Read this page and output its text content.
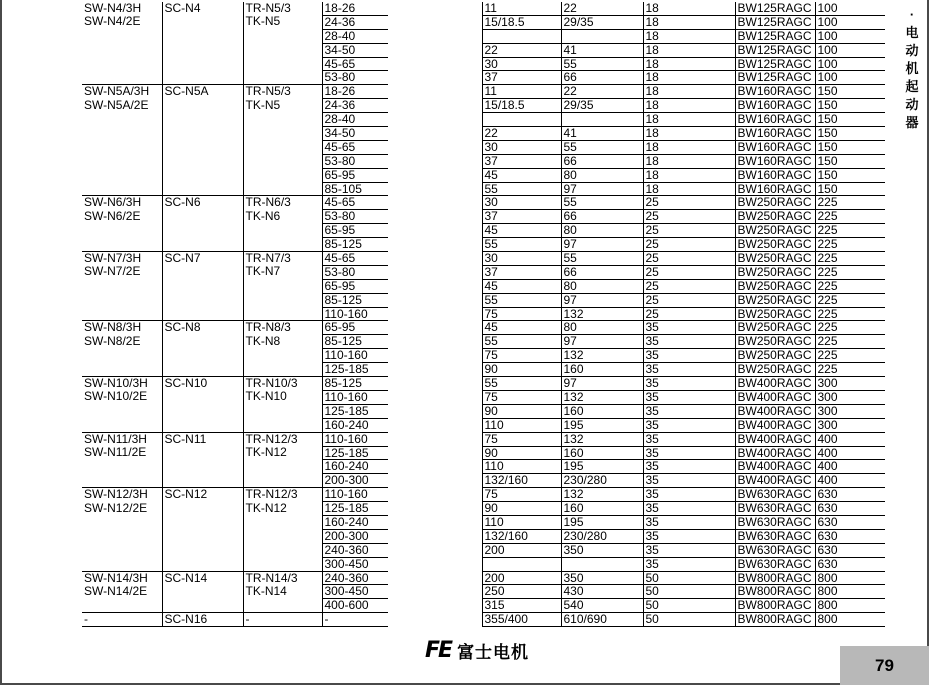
SW-N4/3H	SC-N4	TR-N5/3	18-26		11	22	18	BW125RAGC	100
SW-N4/2E		TK-N5	24-36		15/18.5	29/35	18	BW125RAGC	100
			28-40				18	BW125RAGC	100
			34-50		22	41	18	BW125RAGC	100
			45-65		30	55	18	BW125RAGC	100
			53-80		37	66	18	BW125RAGC	100
SW-N5A/3H	SC-N5A	TR-N5/3	18-26		11	22	18	BW160RAGC	150
SW-N5A/2E		TK-N5	24-36		15/18.5	29/35	18	BW160RAGC	150
			28-40				18	BW160RAGC	150
			34-50		22	41	18	BW160RAGC	150
			45-65		30	55	18	BW160RAGC	150
			53-80		37	66	18	BW160RAGC	150
			65-95		45	80	18	BW160RAGC	150
			85-105		55	97	18	BW160RAGC	150
SW-N6/3H	SC-N6	TR-N6/3	45-65		30	55	25	BW250RAGC	225
SW-N6/2E		TK-N6	53-80		37	66	25	BW250RAGC	225
			65-95		45	80	25	BW250RAGC	225
			85-125		55	97	25	BW250RAGC	225
SW-N7/3H	SC-N7	TR-N7/3	45-65		30	55	25	BW250RAGC	225
SW-N7/2E		TK-N7	53-80		37	66	25	BW250RAGC	225
			65-95		45	80	25	BW250RAGC	225
			85-125		55	97	25	BW250RAGC	225
			110-160		75	132	25	BW250RAGC	225
SW-N8/3H	SC-N8	TR-N8/3	65-95		45	80	35	BW250RAGC	225
SW-N8/2E		TK-N8	85-125		55	97	35	BW250RAGC	225
			110-160		75	132	35	BW250RAGC	225
			125-185		90	160	35	BW250RAGC	225
SW-N10/3H	SC-N10	TR-N10/3	85-125		55	97	35	BW400RAGC	300
SW-N10/2E		TK-N10	110-160		75	132	35	BW400RAGC	300
			125-185		90	160	35	BW400RAGC	300
			160-240		110	195	35	BW400RAGC	300
SW-N11/3H	SC-N11	TR-N12/3	110-160		75	132	35	BW400RAGC	400
SW-N11/2E		TK-N12	125-185		90	160	35	BW400RAGC	400
			160-240		110	195	35	BW400RAGC	400
			200-300		132/160	230/280	35	BW400RAGC	400
SW-N12/3H	SC-N12	TR-N12/3	110-160		75	132	35	BW630RAGC	630
SW-N12/2E		TK-N12	125-185		90	160	35	BW630RAGC	630
			160-240		110	195	35	BW630RAGC	630
			200-300		132/160	230/280	35	BW630RAGC	630
			240-360		200	350	35	BW630RAGC	630
			300-450				35	BW630RAGC	630
SW-N14/3H	SC-N14	TR-N14/3	240-360		200	350	50	BW800RAGC	800
SW-N14/2E		TK-N14	300-450		250	430	50	BW800RAGC	800
			400-600		315	540	50	BW800RAGC	800
-	SC-N16	-	-		355/400	610/690	50	BW800RAGC	800
·
电
动
机
起
动
器
FE 富士电机
79
